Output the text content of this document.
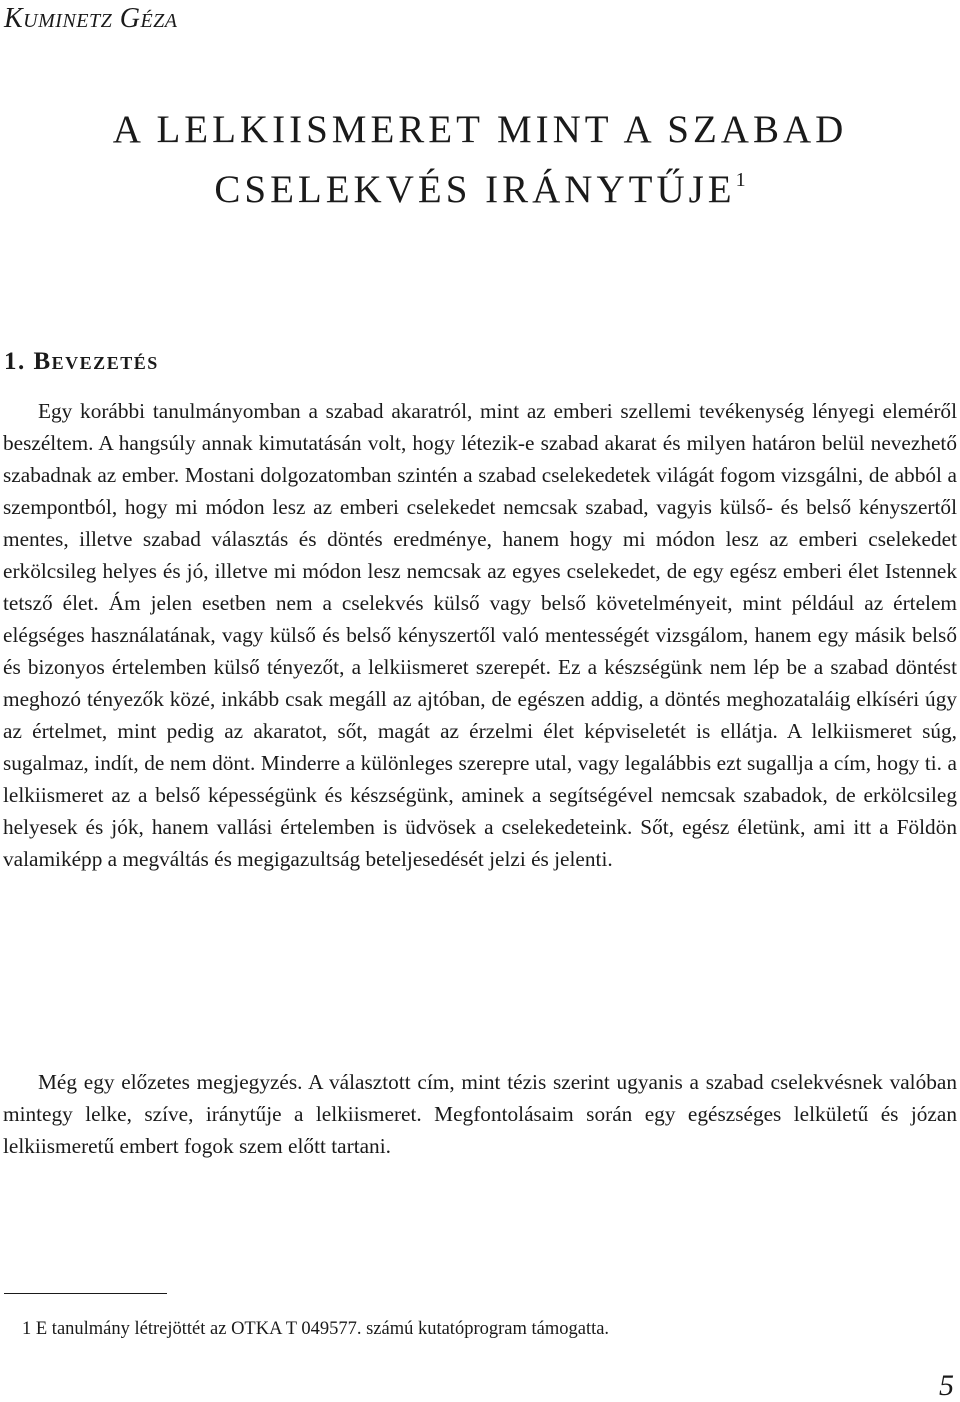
Kuminetz Géza
A LELKIISMERET MINT A SZABAD
CSELEKVÉS IRÁNYTŰJE$^1$
1. Bevezetés

Egy korábbi tanulmányomban a szabad akaratról, mint az emberi szellemi tevékenység lényegi eleméről beszéltem. A hangsúly annak kimutatásán volt, hogy létezik-e szabad akarat és milyen határon belül nevezhető szabadnak az ember. Mostani dolgozatomban szintén a szabad cselekedetek világát fogom vizsgálni, de abból a szempontból, hogy mi módon lesz az emberi cselekedet nemcsak szabad, vagyis külső- és belső kényszertől mentes, illetve szabad választás és döntés eredménye, hanem hogy mi módon lesz az emberi cselekedet erkölcsileg helyes és jó, illetve mi módon lesz nemcsak az egyes cselekedet, de egy egész emberi élet Istennek tetsző élet. Ám jelen esetben nem a cselekvés külső vagy belső követelményeit, mint például az értelem elégséges használatának, vagy külső és belső kényszertől való mentességét vizsgálom, hanem egy másik belső és bizonyos értelemben külső tényezőt, a lelkiismeret szerepét. Ez a készségünk nem lép be a szabad döntést meghozó tényezők közé, inkább csak megáll az ajtóban, de egészen addig, a döntés meghozataláig elkíséri úgy az értelmet, mint pedig az akaratot, sőt, magát az érzelmi élet képviseletét is ellátja. A lelkiismeret súg, sugalmaz, indít, de nem dönt. Minderre a különleges szerepre utal, vagy legalábbis ezt sugallja a cím, hogy ti. a lelkiismeret az a belső képességünk és készségünk, aminek a segítségével nemcsak szabadok, de erkölcsileg helyesek és jók, hanem vallási értelemben is üdvösek a cselekedeteink. Sőt, egész életünk, ami itt a Földön valamiképp a megváltás és megigazultság beteljesedését jelzi és jelenti.

Még egy előzetes megjegyzés. A választott cím, mint tézis szerint ugyanis a szabad cselekvésnek valóban mintegy lelke, szíve, iránytűje a lelkiismeret. Megfontolásaim során egy egészséges lelkületű és józan lelkiismeretű embert fogok szem előtt tartani.

1 E tanulmány létrejöttét az OTKA T 049577. számú kutatóprogram támogatta.
5
